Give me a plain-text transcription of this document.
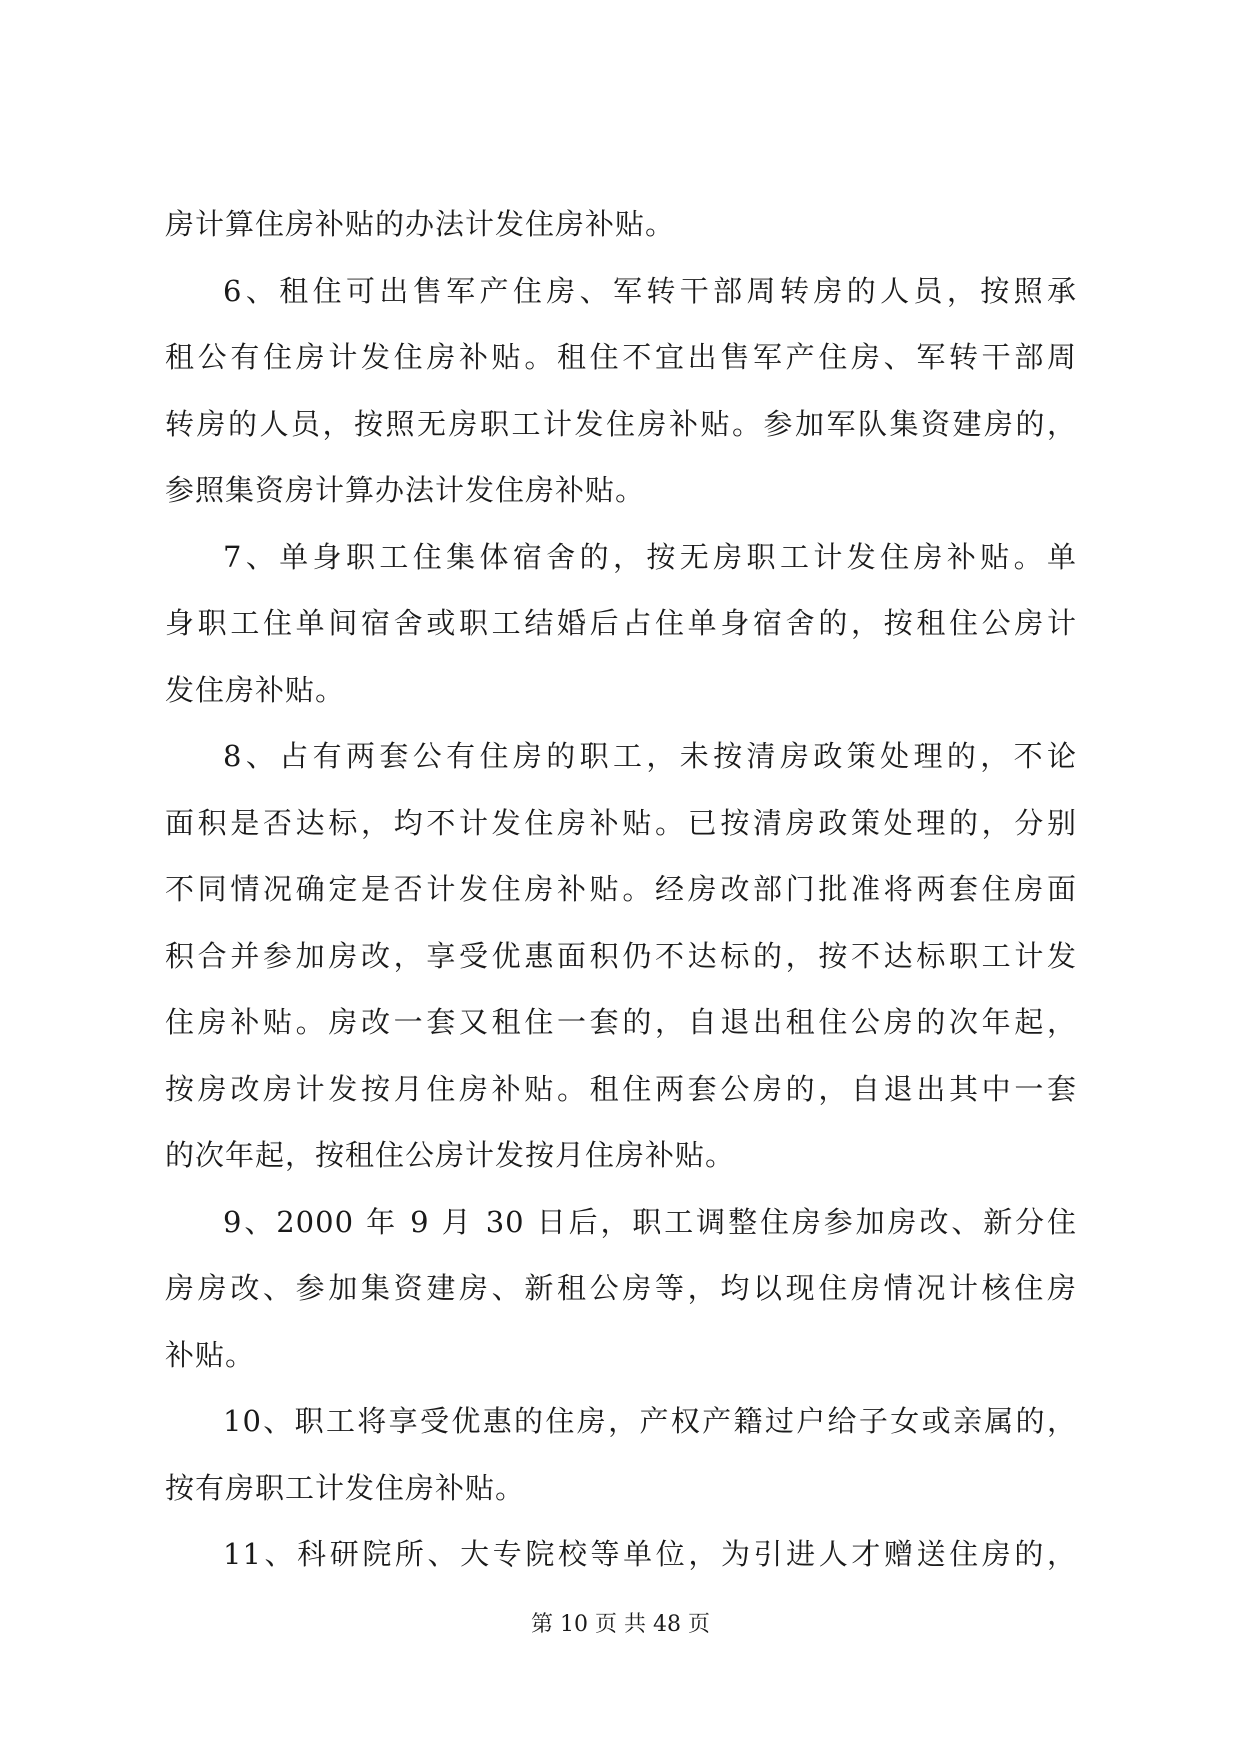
房计算住房补贴的办法计发住房补贴。
6、租住可出售军产住房、军转干部周转房的人员，按照承
租公有住房计发住房补贴。租住不宜出售军产住房、军转干部周
转房的人员，按照无房职工计发住房补贴。参加军队集资建房的，
参照集资房计算办法计发住房补贴。
7、单身职工住集体宿舍的，按无房职工计发住房补贴。单
身职工住单间宿舍或职工结婚后占住单身宿舍的，按租住公房计
发住房补贴。
8、占有两套公有住房的职工，未按清房政策处理的，不论
面积是否达标，均不计发住房补贴。已按清房政策处理的，分别
不同情况确定是否计发住房补贴。经房改部门批准将两套住房面
积合并参加房改，享受优惠面积仍不达标的，按不达标职工计发
住房补贴。房改一套又租住一套的，自退出租住公房的次年起，
按房改房计发按月住房补贴。租住两套公房的，自退出其中一套
的次年起，按租住公房计发按月住房补贴。
9、2000 年 9 月 30 日后，职工调整住房参加房改、新分住
房房改、参加集资建房、新租公房等，均以现住房情况计核住房
补贴。
10、职工将享受优惠的住房，产权产籍过户给子女或亲属的，
按有房职工计发住房补贴。
11、科研院所、大专院校等单位，为引进人才赠送住房的，
第 10 页 共 48 页
